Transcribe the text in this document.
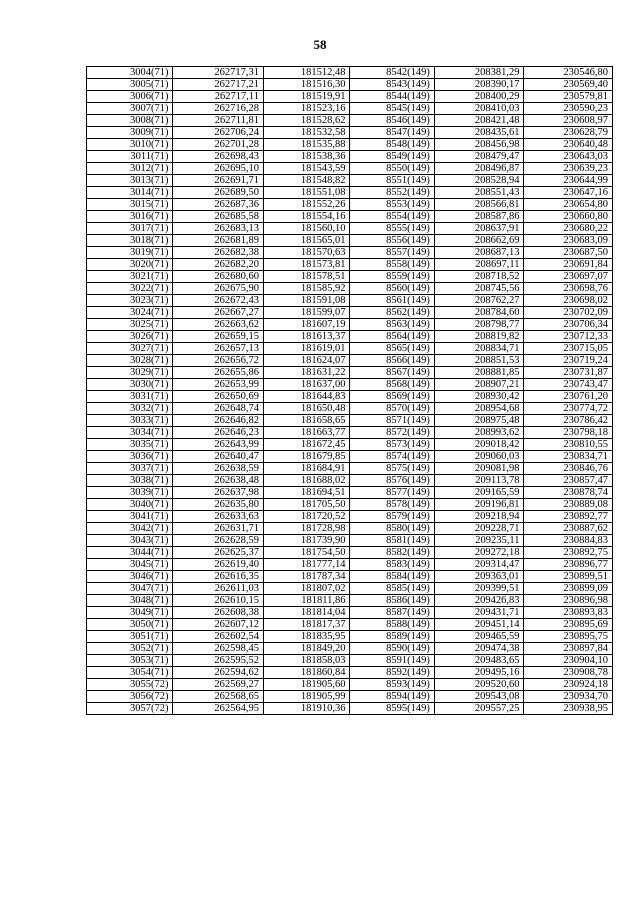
58
3004(71)	262717,31	181512,48	8542(149)	208381,29	230546,80
3005(71)	262717,21	181516,30	8543(149)	208390,17	230569,40
3006(71)	262717,11	181519,91	8544(149)	208400,29	230579,81
3007(71)	262716,28	181523,16	8545(149)	208410,03	230590,23
3008(71)	262711,81	181528,62	8546(149)	208421,48	230608,97
3009(71)	262706,24	181532,58	8547(149)	208435,61	230628,79
3010(71)	262701,28	181535,88	8548(149)	208456,98	230640,48
3011(71)	262698,43	181538,36	8549(149)	208479,47	230643,03
3012(71)	262695,10	181543,59	8550(149)	208496,87	230639,23
3013(71)	262691,71	181548,82	8551(149)	208528,94	230644,99
3014(71)	262689,50	181551,08	8552(149)	208551,43	230647,16
3015(71)	262687,36	181552,26	8553(149)	208566,81	230654,80
3016(71)	262685,58	181554,16	8554(149)	208587,86	230660,80
3017(71)	262683,13	181560,10	8555(149)	208637,91	230680,22
3018(71)	262681,89	181565,01	8556(149)	208662,69	230683,09
3019(71)	262682,38	181570,63	8557(149)	208687,13	230687,50
3020(71)	262682,20	181573,81	8558(149)	208697,11	230691,84
3021(71)	262680,60	181578,51	8559(149)	208718,52	230697,07
3022(71)	262675,90	181585,92	8560(149)	208745,56	230698,76
3023(71)	262672,43	181591,08	8561(149)	208762,27	230698,02
3024(71)	262667,27	181599,07	8562(149)	208784,60	230702,09
3025(71)	262663,62	181607,19	8563(149)	208798,77	230706,34
3026(71)	262659,15	181613,37	8564(149)	208819,82	230712,33
3027(71)	262657,13	181619,01	8565(149)	208834,71	230715,05
3028(71)	262656,72	181624,07	8566(149)	208851,53	230719,24
3029(71)	262655,86	181631,22	8567(149)	208881,85	230731,87
3030(71)	262653,99	181637,00	8568(149)	208907,21	230743,47
3031(71)	262650,69	181644,83	8569(149)	208930,42	230761,20
3032(71)	262648,74	181650,48	8570(149)	208954,68	230774,72
3033(71)	262646,82	181658,65	8571(149)	208975,48	230786,42
3034(71)	262646,23	181663,77	8572(149)	208993,62	230798,18
3035(71)	262643,99	181672,45	8573(149)	209018,42	230810,55
3036(71)	262640,47	181679,85	8574(149)	209060,03	230834,71
3037(71)	262638,59	181684,91	8575(149)	209081,98	230846,76
3038(71)	262638,48	181688,02	8576(149)	209113,78	230857,47
3039(71)	262637,98	181694,51	8577(149)	209165,59	230878,74
3040(71)	262635,80	181705,50	8578(149)	209196,81	230889,08
3041(71)	262633,63	181720,52	8579(149)	209218,94	230892,77
3042(71)	262631,71	181728,98	8580(149)	209228,71	230887,62
3043(71)	262628,59	181739,90	8581(149)	209235,11	230884,83
3044(71)	262625,37	181754,50	8582(149)	209272,18	230892,75
3045(71)	262619,40	181777,14	8583(149)	209314,47	230896,77
3046(71)	262616,35	181787,34	8584(149)	209363,01	230899,51
3047(71)	262611,03	181807,02	8585(149)	209399,51	230899,09
3048(71)	262610,15	181811,86	8586(149)	209426,83	230896,98
3049(71)	262608,38	181814,04	8587(149)	209431,71	230893,83
3050(71)	262607,12	181817,37	8588(149)	209451,14	230895,69
3051(71)	262602,54	181835,95	8589(149)	209465,59	230895,75
3052(71)	262598,45	181849,20	8590(149)	209474,38	230897,84
3053(71)	262595,52	181858,03	8591(149)	209483,65	230904,10
3054(71)	262594,62	181860,84	8592(149)	209495,16	230908,78
3055(72)	262569,27	181905,60	8593(149)	209520,60	230924,18
3056(72)	262568,65	181905,99	8594(149)	209543,08	230934,70
3057(72)	262564,95	181910,36	8595(149)	209557,25	230938,95
